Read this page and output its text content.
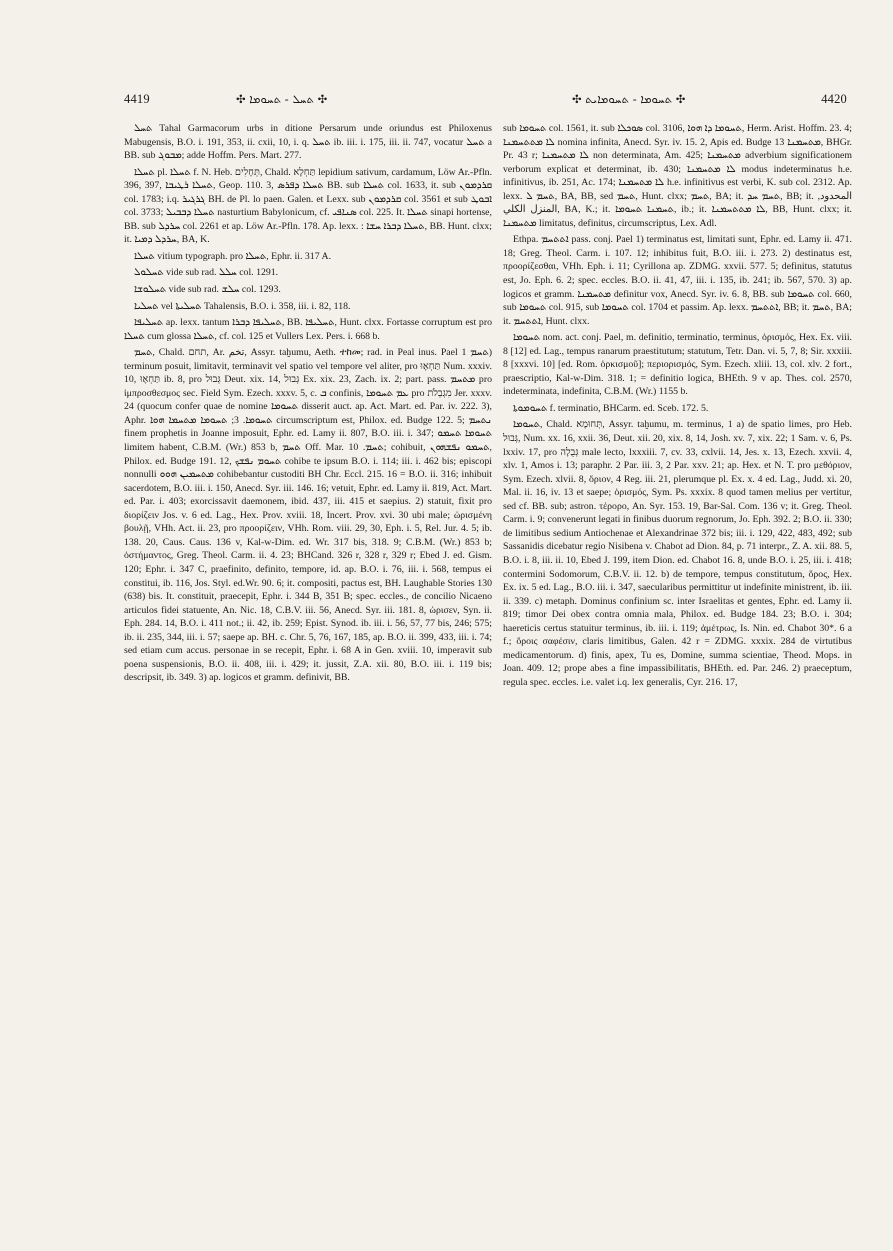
4419	✣ ܬܚܠ - ܬܚܘܡܐ ✣	✣ ܬܚܘܡܐ - ܬܚܘܡܐܝܬ ✣	4420

ܬܚܠ Tahal Garmacorum urbs in ditione Persarum unde oriundus est Philoxenus Mabugensis, B.O. i. 191, 353, ii. cxii, 10, i. q. ܬܚܠ ib. iii. i. 175, iii. ii. 747, vocatur ܬܚܠ a BB. sub ܡܒܘܓ; adde Hoffm. Pers. Mart. 277.

ܬܚܠܐ pl. ܬܚܠܐ f. N. Heb. תְּחָלִים, Chald. תַּחְלָא lepidium sativum, cardamum, Löw Ar.-Pfln. 396, 397, ܬܚܠܐ ܪܛܝܒܐ, Geop. 110. 3, ܬܚܠܐ ܕܦܪܣ BB. sub ܬܚܠܐ col. 1633, it. sub ܩܪܕܡܘܢ col. 1783; i.q. ܓܪܓܝܪ BH. de Pl. lo paen. Galen. et Lexx. sub ܩܪܕܡܘܢ col. 3561 et sub ܐܒܘܛ col. 3733; ܬܚܠܐ ܕܒܒܝܠ nasturtium Babylonicum, cf. ܣܢܐܦܝ col. 225. It. ܬܚܠܐ sinapi hortense, BB. sub ܚܪܕܠ col. 2261 et ap. Löw Ar.-Pfln. 178. Ap. lexx. : ܬܚܠܐ ܕܒܪܐ ܚܫܐ, BB. Hunt. clxx; it. ܚܪܕܠ ܕܡܝܐ, BA, K.

ܬܚܠܐ vitium typograph. pro ܬܚܠܐ, Ephr. ii. 317 A.

ܬܚܠܘܠ vide sub rad. ܚܠܠ col. 1291.

ܬܚܠܘܫܐ vide sub rad. ܚܠܫ col. 1293.

ܬܚܠܝܐ vel ܬܚܠܝܬܐ Tahalensis, B.O. i. 358, iii. i. 82, 118.

ܬܚܠܝܦܐ ap. lexx. tantum ܬܚܠܝܦܐ ܕܒܪܐ, BB. ܬܚܠܝܦܐ, Hunt. clxx. Fortasse corruptum est pro ܬܚܠܐ cum glossa ܬܚܠܐ, cf. col. 125 et Vullers Lex. Pers. i. 668 b.

ܬܚܡ, Chald. תחם, Ar. تخم, Assyr. taḫumu, Aeth. ተከመ; rad. in Peal inus. Pael ܬܚܡ 1) terminum posuit, limitavit, terminavit vel spatio vel tempore vel aliter, pro תַּחְאָוּ Num. xxxiv. 10, תַּחְאָוּ ib. 8, pro גְּבוּל Deut. xix. 14, גְּבוּל Ex. xix. 23, Zach. ix. 2; part. pass. ܡܬܚܡ pro ἱμπροσθεσμος sec. Field Sym. Ezech. xxxv. 5, c. ܒ confinis, ܥܡ ܬܚܘܡܐ pro מִגְבְלֹת Jer. xxxv. 24 (quocum confer quae de nomine ܬܚܘܡܐ disserit auct. ap. Act. Mart. ed. Par. iv. 222. 3), Aphr. ܬܚܘܡܐ. 3; ܬܚܘܡܐ ܡܬܚܡܐ ܗܘܐ circumscriptum est, Philox. ed. Budge 122. 5; ܢܬܚܡ finem prophetis in Joanne imposuit, Ephr. ed. Lamy ii. 807, B.O. iii. i. 347; ܬܚܘܡܐ ܬܚܡܘ limitem habent, C.B.M. (Wr.) 853 b, ܬܚܡ Off. Mar. ܬܚܡ. 10; cohibuit, ܬܚܡܘ ܢܦܫܗܘܢ, Philox. ed. Budge 191. 12, ܬܚܘܡ ܢܦܫܟ cohibe te ipsum B.O. i. 114; iii. i. 462 bis; episcopi nonnulli ܡܬܚܡܝܢ ܗܘܘ cohibebantur custoditi BH Chr. Eccl. 215. 16 = B.O. ii. 316; inhibuit sacerdotem, B.O. iii. i. 150, Anecd. Syr. iii. 146. 16; vetuit, Ephr. ed. Lamy ii. 819, Act. Mart. ed. Par. i. 403; exorcissavit daemonem, ibid. 437, iii. 415 et saepius. 2) statuit, fixit pro διορίζειν Jos. v. 6 ed. Lag., Hex. Prov. xviii. 18, Incert. Prov. xvi. 30 ubi male; ὡρισμένη βουλῇ, VHh. Act. ii. 23, pro προορίζειν, VHh. Rom. viii. 29, 30, Eph. i. 5, Rel. Jur. 4. 5; ib. 138. 20, Caus. Caus. 136 v, Kal-w-Dim. ed. Wr. 317 bis, 318. 9; C.B.M. (Wr.) 853 b; ὁστήμαντος, Greg. Theol. Carm. ii. 4. 23; BHCand. 326 r, 328 r, 329 r; Ebed J. ed. Gism. 120; Ephr. i. 347 C, praefinito, definito, tempore, id. ap. B.O. i. 76, iii. i. 568, tempus ei constitui, ib. 116, Jos. Styl. ed.Wr. 90. 6; it. compositi, pactus est, BH. Laughable Stories 130 (638) bis. It. constituit, praecepit, Ephr. i. 344 B, 351 B; spec. eccles., de concilio Nicaeno articulos fidei statuente, An. Nic. 18, C.B.V. iii. 56, Anecd. Syr. iii. 181. 8, ὡρισεν, Syn. ii. Eph. 284. 14, B.O. i. 411 not.; ii. 42, ib. 259; Epist. Synod. ib. iii. i. 56, 57, 77 bis, 246; 575; ib. ii. 235, 344, iii. i. 57; saepe ap. BH. c. Chr. 5, 76, 167, 185, ap. B.O. ii. 399, 433, iii. i. 74; sed etiam cum accus. personae in se recepit, Ephr. i. 68 A in Gen. xviii. 10, imperavit sub poena suspensionis, B.O. ii. 408, iii. i. 429; it. jussit, Z.A. xii. 80, B.O. iii. i. 119 bis; descripsit, ib. 349. 3) ap. logicos et gramm. definivit, BB.

sub ܬܚܘܡܐ col. 1561, it. sub ܣܘܟܠܐ col. 3106, ܬܚܘܡܐ ܕܐ ܗܘܐ, Herm. Arist. Hoffm. 23. 4; ܠܐ ܡܬܬܚܡܢܐ nomina infinita, Anecd. Syr. iv. 15. 2, Apis ed. Budge ܡܬܚܡܢܐ 13, BHGr. Pr. 43 r; ܠܐ ܡܬܚܡܢܐ non determinata, Am. 425; ܡܬܚܡܢܐ adverbium significationem verborum explicat et determinat, ib. 430; ܠܐ ܡܬܚܡܢܐ modus indeterminatus h.e. infinitivus, ib. 251, Ac. 174; ܠܐ ܡܬܚܡܢܐ h.e. infinitivus est verbi, K. sub col. 2312. Ap. lexx. ܬܚܡ ܠ, BA, BB, sed ܬܚܡ, Hunt. clxx; ܬܚܡ, BA; it. ܬܚܡ ܚܕ, BB; it. المحدود, المنزل الكلي, BA, K.; it. ܬܚܡܢܐ ܬܚܘܡܐ, ib.; it. ܠܐ ܡܬܬܚܡܢܐ, BB, Hunt. clxx; it. ܡܬܚܡܢܐ limitatus, definitus, circumscriptus, Lex. Adl.

Ethpa. ܐܬܬܚܡ pass. conj. Pael 1) terminatus est, limitati sunt, Ephr. ed. Lamy ii. 471. 18; Greg. Theol. Carm. i. 107. 12; inhibitus fuit, B.O. iii. i. 273. 2) destinatus est, προορίζεσθαι, VHh. Eph. i. 11; Cyrillona ap. ZDMG. xxvii. 577. 5; definitus, statutus est, Jo. Eph. 6. 2; spec. eccles. B.O. ii. 41, 47, iii. i. 135, ib. 241; ib. 567, 570. 3) ap. logicos et gramm. ܡܬܚܡܢܐ definitur vox, Anecd. Syr. iv. 6. 8, BB. sub ܬܚܘܡܐ col. 660, sub ܬܚܘܡܐ col. 915, sub ܬܚܘܡܐ col. 1704 et passim. Ap. lexx. ܐܬܬܚܡ, BB; it. ܬܚܡ, BA; it. ܐܬܬܚܡ, Hunt. clxx.

ܬܚܘܡܐ nom. act. conj. Pael, m. definitio, terminatio, terminus, ὁρισμός, Hex. Ex. viii. 8 [12] ed. Lag., tempus ranarum praestitutum; statutum, Tetr. Dan. vi. 5, 7, 8; Sir. xxxiii. 8 [xxxvi. 10] [ed. Rom. ὁρκισμοῦ]; περιορισμός, Sym. Ezech. xliii. 13, col. xlv. 2 fort., praescriptio, Kal-w-Dim. 318. 1; = definitio logica, BHEth. 9 v ap. Thes. col. 2570, indeterminata, indefinita, C.B.M. (Wr.) 1155 b.

ܬܚܘܡܘܬܐ f. terminatio, BHCarm. ed. Sceb. 172. 5.

ܬܚܘܡܐ, Chald. תְּחוּמָא, Assyr. taḫumu, m. terminus, 1 a) de spatio limes, pro Heb. גְּבוּל, Num. xx. 16, xxii. 36, Deut. xii. 20, xix. 8, 14, Josh. xv. 7, xix. 22; 1 Sam. v. 6, Ps. lxxiv. 17, pro גְּבֻלָה male lecto, lxxxiii. 7, cv. 33, cxlvii. 14, Jes. x. 13, Ezech. xxvii. 4, xlv. 1, Amos i. 13; paraphr. 2 Par. iii. 3, 2 Par. xxv. 21; ap. Hex. et N. T. pro μεθόριον, Sym. Ezech. xlvii. 8, ὅριον, 4 Reg. iii. 21, plerumque pl. Ex. x. 4 ed. Lag., Judd. xi. 20, Mal. ii. 16, iv. 13 et saepe; ὁρισμός, Sym. Ps. xxxix. 8 quod tamen melius per vertitur, sed cf. BB. sub; astron. τέρορο, An. Syr. 153. 19, Bar-Sal. Com. 136 v; it. Greg. Theol. Carm. i. 9; convenerunt legati in finibus duorum regnorum, Jo. Eph. 392. 2; B.O. ii. 330; de limitibus sedium Antiochenae et Alexandrinae 372 bis; iii. i. 129, 422, 483, 492; sub Sassanidis dicebatur regio Nisibena v. Chabot ad Dion. 84, p. 71 interpr., Z. A. xii. 88. 5, B.O. i. 8, iii. ii. 10, Ebed J. 199, item Dion. ed. Chabot 16. 8, unde B.O. i. 25, iii. i. 418; contermini Sodomorum, C.B.V. ii. 12. b) de tempore, tempus constitutum, ὅρος, Hex. Ex. ix. 5 ed. Lag., B.O. iii. i. 347, saecularibus permittitur ut indefinite ministrent, ib. iii. ii. 339. c) metaph. Dominus confinium sc. inter Israelitas et gentes, Ephr. ed. Lamy ii. 819; timor Dei obex contra omnia mala, Philox. ed. Budge 184. 23; B.O. i. 304; haereticis certus statuitur terminus, ib. iii. i. 119; ἀμέτρως, Is. Nin. ed. Chabot 30*. 6 a f.; ὅροις σαφέσιν, claris limitibus, Galen. 42 r = ZDMG. xxxix. 284 de virtutibus medicamentorum. d) finis, apex, Tu es, Domine, summa scientiae, Theod. Mops. in Joan. 409. 12; prope abes a fine impassibilitatis, BHEth. ed. Par. 246. 2) praeceptum, regula spec. eccles. i.e. valet i.q. lex generalis, Cyr. 216. 17,
